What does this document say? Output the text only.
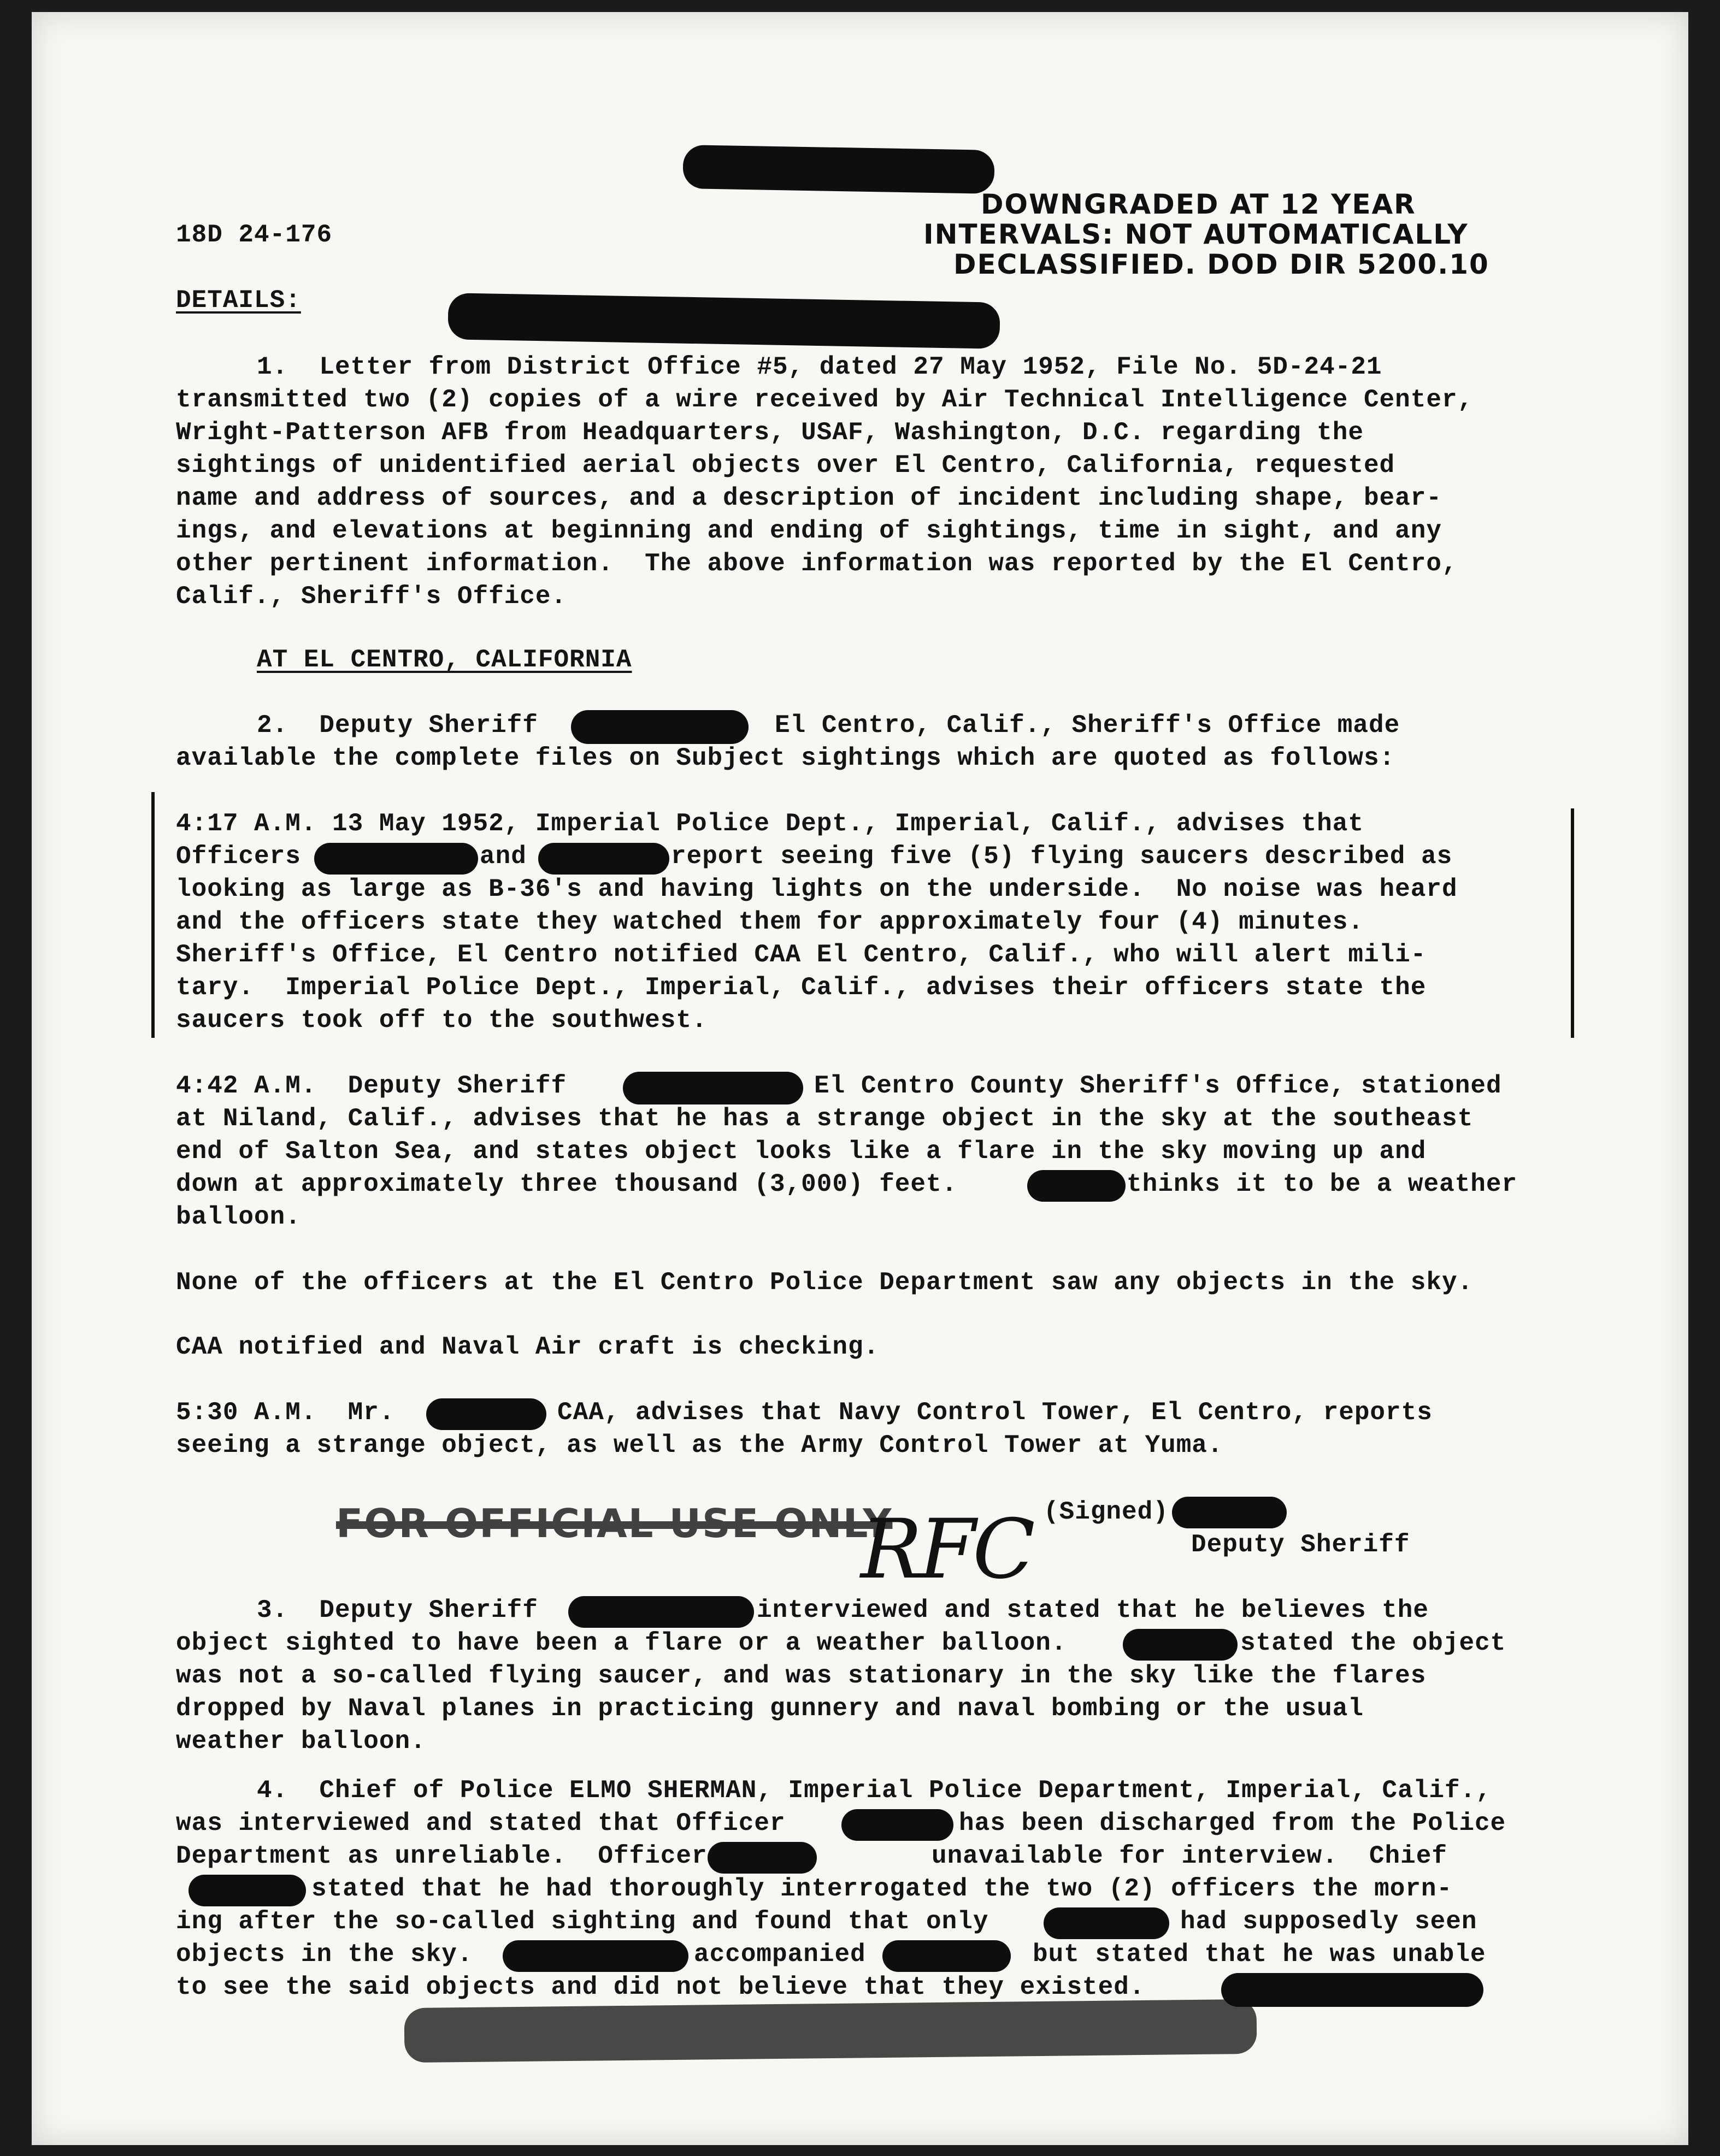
18D 24-176
DOWNGRADED AT 12 YEAR
INTERVALS: NOT AUTOMATICALLY
DECLASSIFIED. DOD DIR 5200.10
DETAILS:
1.  Letter from District Office #5, dated 27 May 1952, File No. 5D-24-21
transmitted two (2) copies of a wire received by Air Technical Intelligence Center,
Wright-Patterson AFB from Headquarters, USAF, Washington, D.C. regarding the
sightings of unidentified aerial objects over El Centro, California, requested
name and address of sources, and a description of incident including shape, bear-
ings, and elevations at beginning and ending of sightings, time in sight, and any
other pertinent information.  The above information was reported by the El Centro,
Calif., Sheriff's Office.
AT EL CENTRO, CALIFORNIA
2.  Deputy Sheriff	El Centro, Calif., Sheriff's Office made
available the complete files on Subject sightings which are quoted as follows:
4:17 A.M. 13 May 1952, Imperial Police Dept., Imperial, Calif., advises that
Officers	and	report seeing five (5) flying saucers described as
looking as large as B-36's and having lights on the underside.  No noise was heard
and the officers state they watched them for approximately four (4) minutes.
Sheriff's Office, El Centro notified CAA El Centro, Calif., who will alert mili-
tary.  Imperial Police Dept., Imperial, Calif., advises their officers state the
saucers took off to the southwest.
4:42 A.M.  Deputy Sheriff	El Centro County Sheriff's Office, stationed
at Niland, Calif., advises that he has a strange object in the sky at the southeast
end of Salton Sea, and states object looks like a flare in the sky moving up and
down at approximately three thousand (3,000) feet.	thinks it to be a weather
balloon.
None of the officers at the El Centro Police Department saw any objects in the sky.
CAA notified and Naval Air craft is checking.
5:30 A.M.  Mr.	CAA, advises that Navy Control Tower, El Centro, reports
seeing a strange object, as well as the Army Control Tower at Yuma.
FOR OFFICIAL USE ONLY
RFC (Signed)
Deputy Sheriff
3.  Deputy Sheriff	interviewed and stated that he believes the
object sighted to have been a flare or a weather balloon.	stated the object
was not a so-called flying saucer, and was stationary in the sky like the flares
dropped by Naval planes in practicing gunnery and naval bombing or the usual
weather balloon.
4.  Chief of Police ELMO SHERMAN, Imperial Police Department, Imperial, Calif.,
was interviewed and stated that Officer	has been discharged from the Police
Department as unreliable.  Officer	unavailable for interview.  Chief
stated that he had thoroughly interrogated the two (2) officers the morn-
ing after the so-called sighting and found that only	had supposedly seen
objects in the sky.	accompanied	but stated that he was unable
to see the said objects and did not believe that they existed.
